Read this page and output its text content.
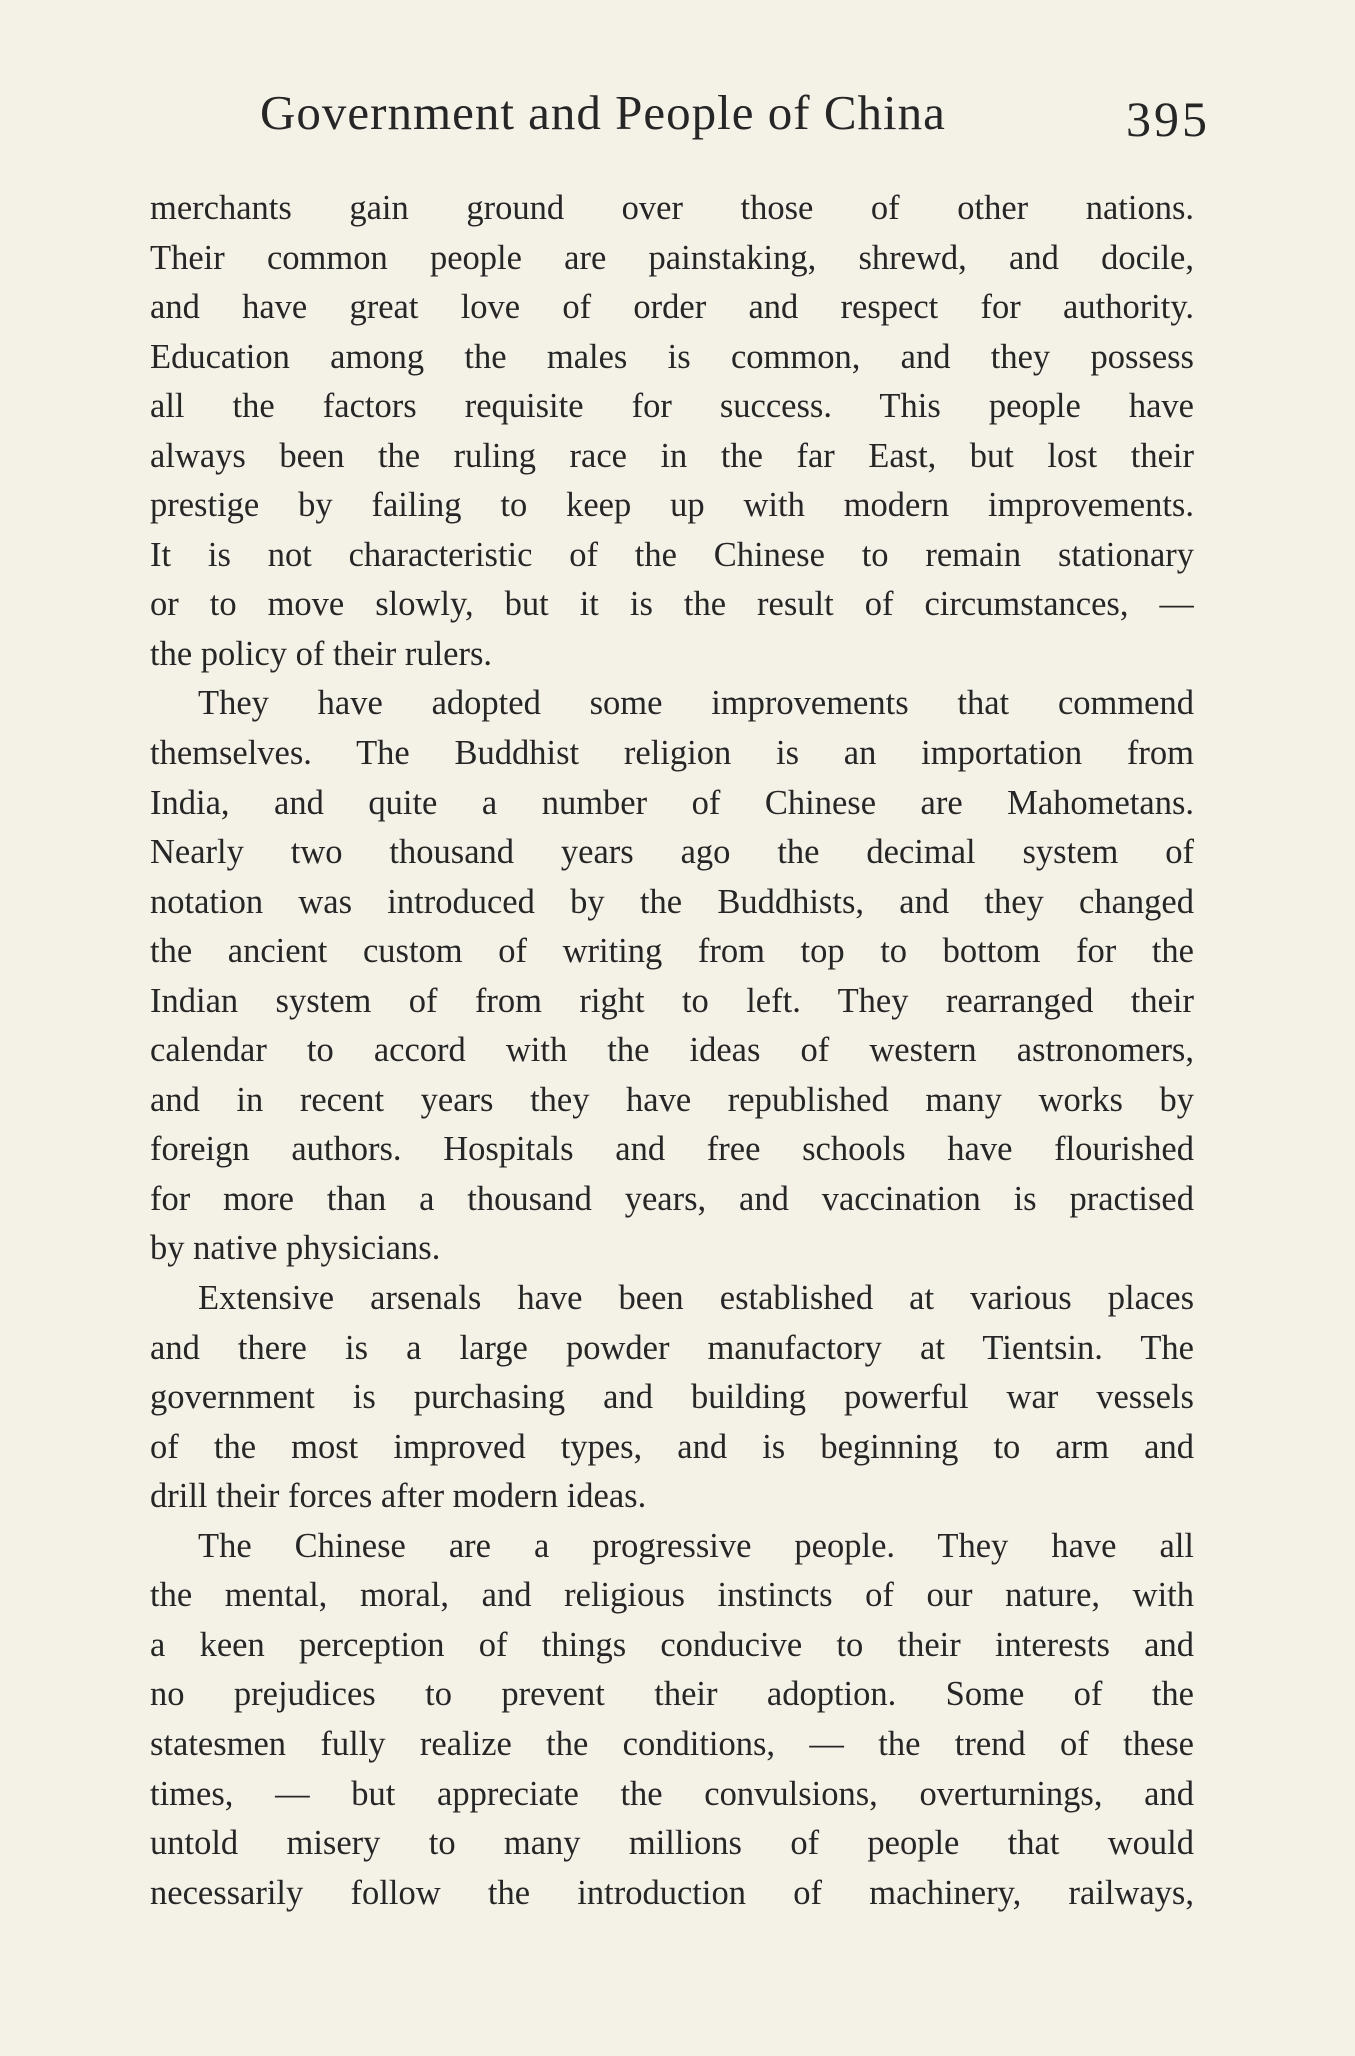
Government and People of China	395
merchants gain ground over those of other nations.
Their common people are painstaking, shrewd, and docile,
and have great love of order and respect for authority.
Education among the males is common, and they possess
all the factors requisite for success. This people have
always been the ruling race in the far East, but lost their
prestige by failing to keep up with modern improvements.
It is not characteristic of the Chinese to remain stationary
or to move slowly, but it is the result of circumstances, —
the policy of their rulers.
They have adopted some improvements that commend
themselves. The Buddhist religion is an importation from
India, and quite a number of Chinese are Mahometans.
Nearly two thousand years ago the decimal system of
notation was introduced by the Buddhists, and they changed
the ancient custom of writing from top to bottom for the
Indian system of from right to left. They rearranged their
calendar to accord with the ideas of western astronomers,
and in recent years they have republished many works by
foreign authors. Hospitals and free schools have flourished
for more than a thousand years, and vaccination is practised
by native physicians.
Extensive arsenals have been established at various places
and there is a large powder manufactory at Tientsin. The
government is purchasing and building powerful war vessels
of the most improved types, and is beginning to arm and
drill their forces after modern ideas.
The Chinese are a progressive people. They have all
the mental, moral, and religious instincts of our nature, with
a keen perception of things conducive to their interests and
no prejudices to prevent their adoption. Some of the
statesmen fully realize the conditions, — the trend of these
times, — but appreciate the convulsions, overturnings, and
untold misery to many millions of people that would
necessarily follow the introduction of machinery, railways,
